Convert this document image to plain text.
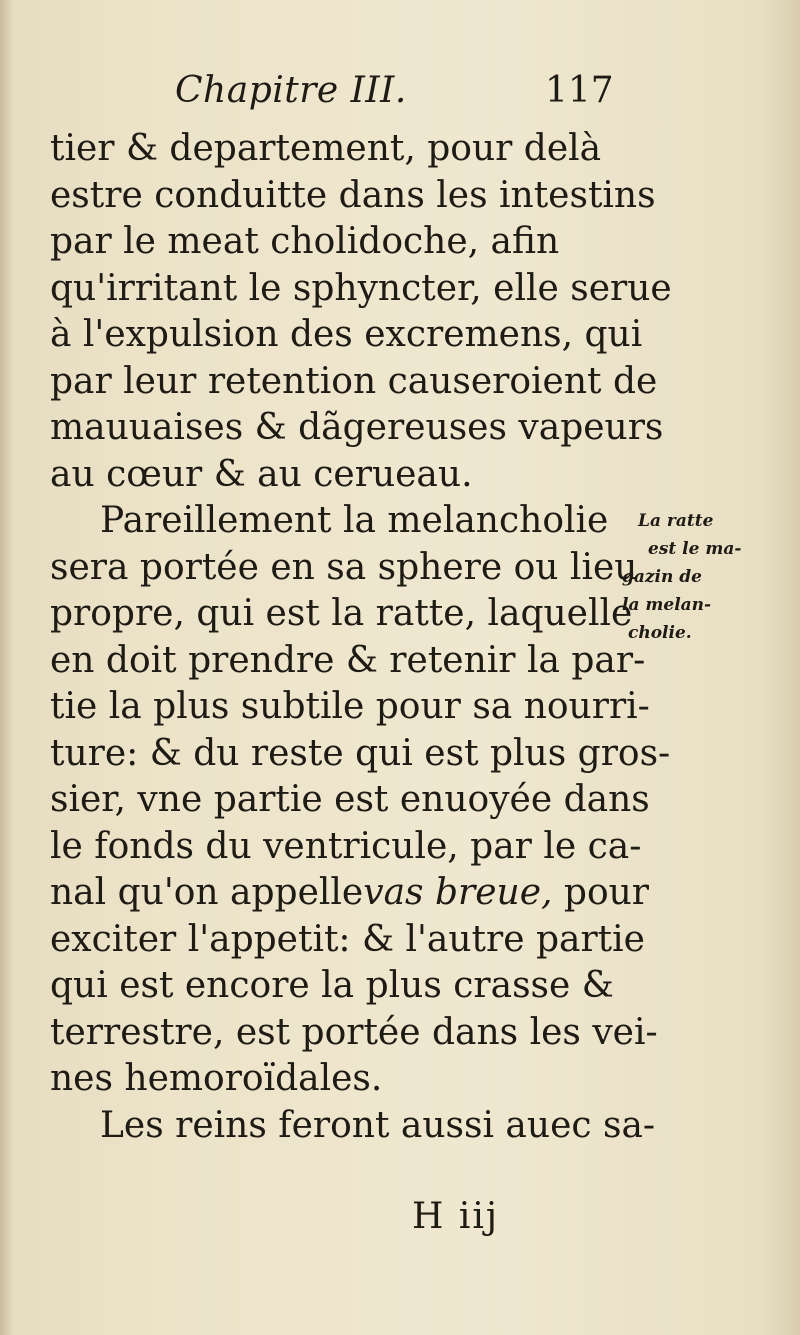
Chapitre III.	117
tier & departement, pour delà
estre conduitte dans les intestins
par le meat cholidoche, afin
qu'irritant le sphyncter, elle serue
à l'expulsion des excremens, qui
par leur retention causeroient de
mauuaises & dãgereuses vapeurs
au cœur & au cerueau.
Pareillement la melancholie
sera portée en sa sphere ou lieu
propre, qui est la ratte, laquelle
en doit prendre & retenir la par-
tie la plus subtile pour sa nourri-
ture: & du reste qui est plus gros-
sier, vne partie est enuoyée dans
le fonds du ventricule, par le ca-
nal qu'on appellevas breue, pour
exciter l'appetit: & l'autre partie
qui est encore la plus crasse &
terrestre, est portée dans les vei-
nes hemoroïdales.
Les reins feront aussi auec sa-
La ratte
est le ma-
gazin de
la melan-
cholie.
H iij
